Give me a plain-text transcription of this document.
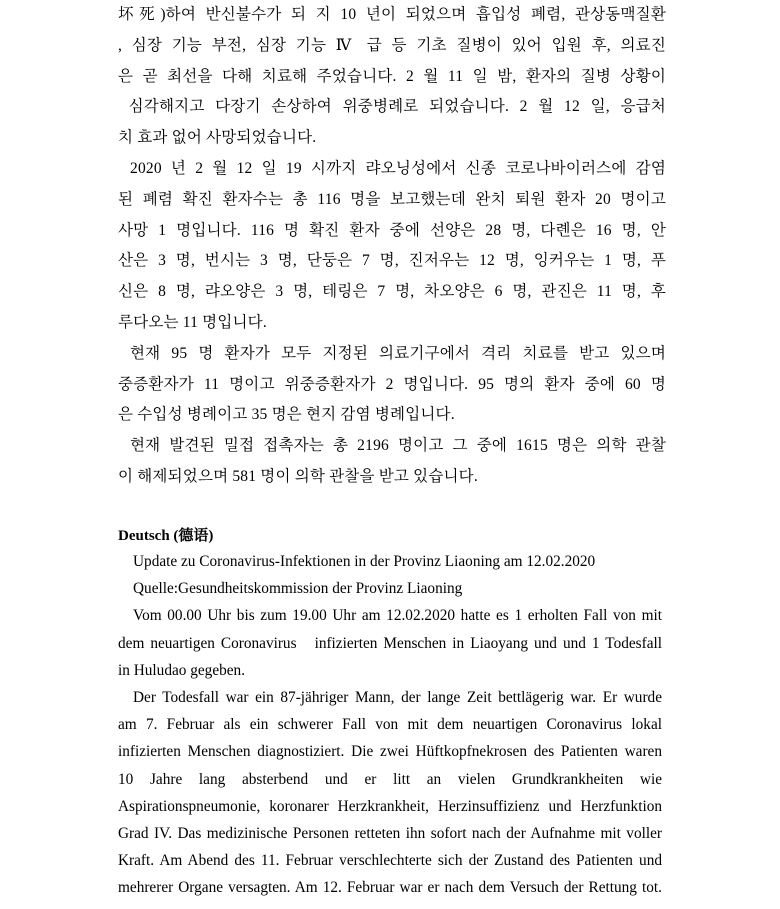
坏死)하여 반신불수가 되 지 10 년이 되었으며 흡입성 폐렴, 관상동맥질환

, 심장 기능 부전, 심장 기능 Ⅳ 급 등 기초 질병이 있어 입원 후, 의료진

은 곧 최선을 다해 치료해 주었습니다. 2 월 11 일 밤, 환자의 질병 상황이

심각해지고 다장기 손상하여 위중병례로 되었습니다. 2 월 12 일, 응급처

치 효과 없어 사망되었습니다.

2020 년 2 월 12 일 19 시까지 랴오닝성에서 신종 코로나바이러스에 감염

된 폐렴 확진 환자수는 총 116 명을 보고했는데 완치 퇴원 환자 20 명이고

사망 1 명입니다. 116 명 확진 환자 중에 선양은 28 명, 다롄은 16 명, 안

산은 3 명, 번시는 3 명, 단둥은 7 명, 진저우는 12 명, 잉커우는 1 명, 푸

신은 8 명, 랴오양은 3 명, 테링은 7 명, 차오양은 6 명, 관진은 11 명, 후

루다오는 11 명입니다.

현재 95 명 환자가 모두 지정된 의료기구에서 격리 치료를 받고 있으며

중증환자가 11 명이고 위중증환자가 2 명입니다. 95 명의 환자 중에 60 명

은 수입성 병례이고 35 명은 현지 감염 병례입니다.

현재 발견된 밀접 접촉자는 총 2196 명이고 그 중에 1615 명은 의학 관찰

이 해제되었으며 581 명이 의학 관찰을 받고 있습니다.

Deutsch (德语)

Update zu Coronavirus-Infektionen in der Provinz Liaoning am 12.02.2020

Quelle:Gesundheitskommission der Provinz Liaoning

Vom 00.00 Uhr bis zum 19.00 Uhr am 12.02.2020 hatte es 1 erholten Fall von mit

dem neuartigen Coronavirus   infizierten Menschen in Liaoyang und und 1 Todesfall

in Huludao gegeben.

Der Todesfall war ein 87-jähriger Mann, der lange Zeit bettlägerig war. Er wurde

am 7. Februar als ein schwerer Fall von mit dem neuartigen Coronavirus lokal

infizierten Menschen diagnostiziert. Die zwei Hüftkopfnekrosen des Patienten waren

10 Jahre lang absterbend und er litt an vielen Grundkrankheiten wie

Aspirationspneumonie, koronarer Herzkrankheit, Herzinsuffizienz und Herzfunktion

Grad IV. Das medizinische Personen retteten ihn sofort nach der Aufnahme mit voller

Kraft. Am Abend des 11. Februar verschlechterte sich der Zustand des Patienten und

mehrerer Organe versagten. Am 12. Februar war er nach dem Versuch der Rettung tot.
